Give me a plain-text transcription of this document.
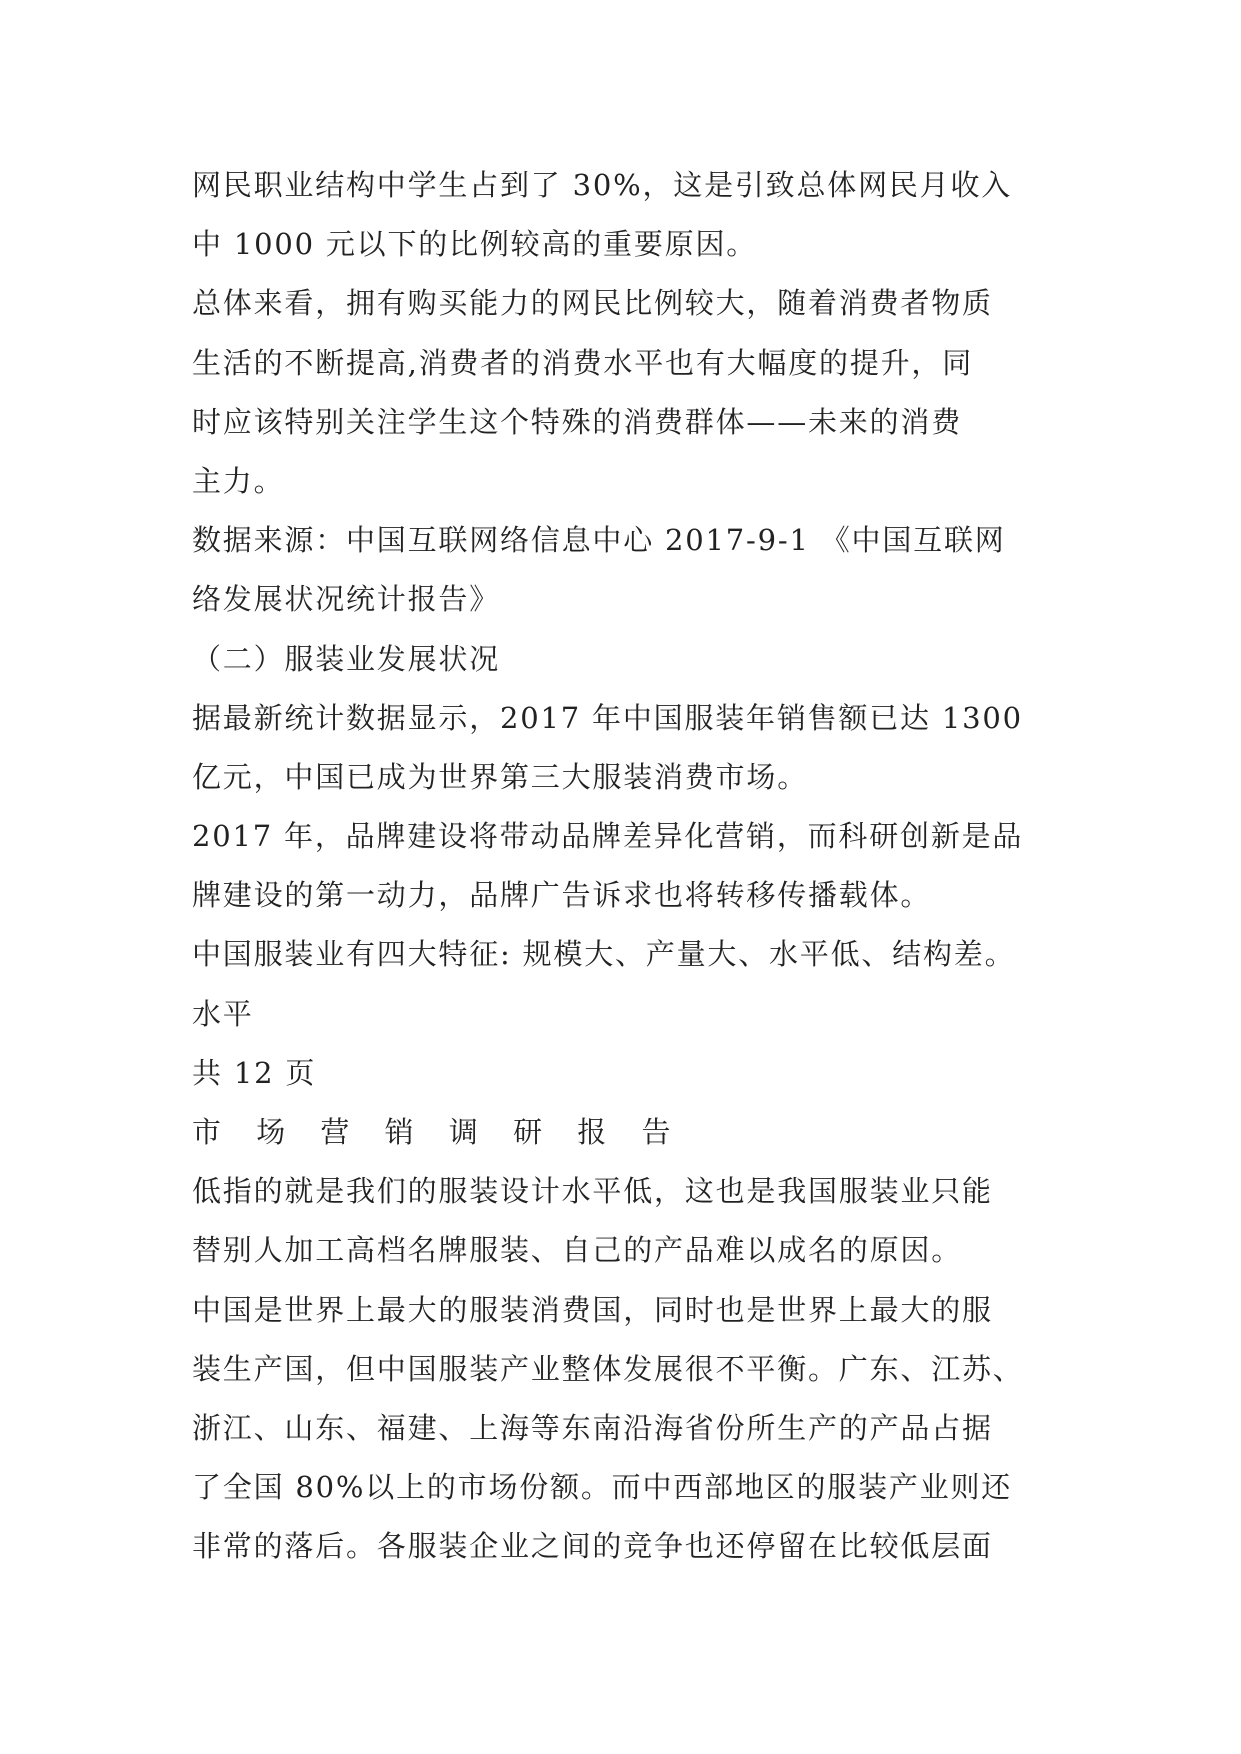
网民职业结构中学生占到了 30%，这是引致总体网民月收入
中 1000 元以下的比例较高的重要原因。
总体来看，拥有购买能力的网民比例较大，随着消费者物质
生活的不断提高,消费者的消费水平也有大幅度的提升，同
时应该特别关注学生这个特殊的消费群体——未来的消费
主力。
数据来源：中国互联网络信息中心 2017-9-1 《中国互联网
络发展状况统计报告》
（二）服装业发展状况
据最新统计数据显示，2017 年中国服装年销售额已达 1300
亿元，中国已成为世界第三大服装消费市场。
2017 年，品牌建设将带动品牌差异化营销，而科研创新是品
牌建设的第一动力，品牌广告诉求也将转移传播载体。
中国服装业有四大特征: 规模大、产量大、水平低、结构差。
水平
共 12 页
市 场 营 销 调 研 报 告
低指的就是我们的服装设计水平低，这也是我国服装业只能
替别人加工高档名牌服装、自己的产品难以成名的原因。
中国是世界上最大的服装消费国，同时也是世界上最大的服
装生产国，但中国服装产业整体发展很不平衡。广东、江苏、
浙江、山东、福建、上海等东南沿海省份所生产的产品占据
了全国 80%以上的市场份额。而中西部地区的服装产业则还
非常的落后。各服装企业之间的竞争也还停留在比较低层面
